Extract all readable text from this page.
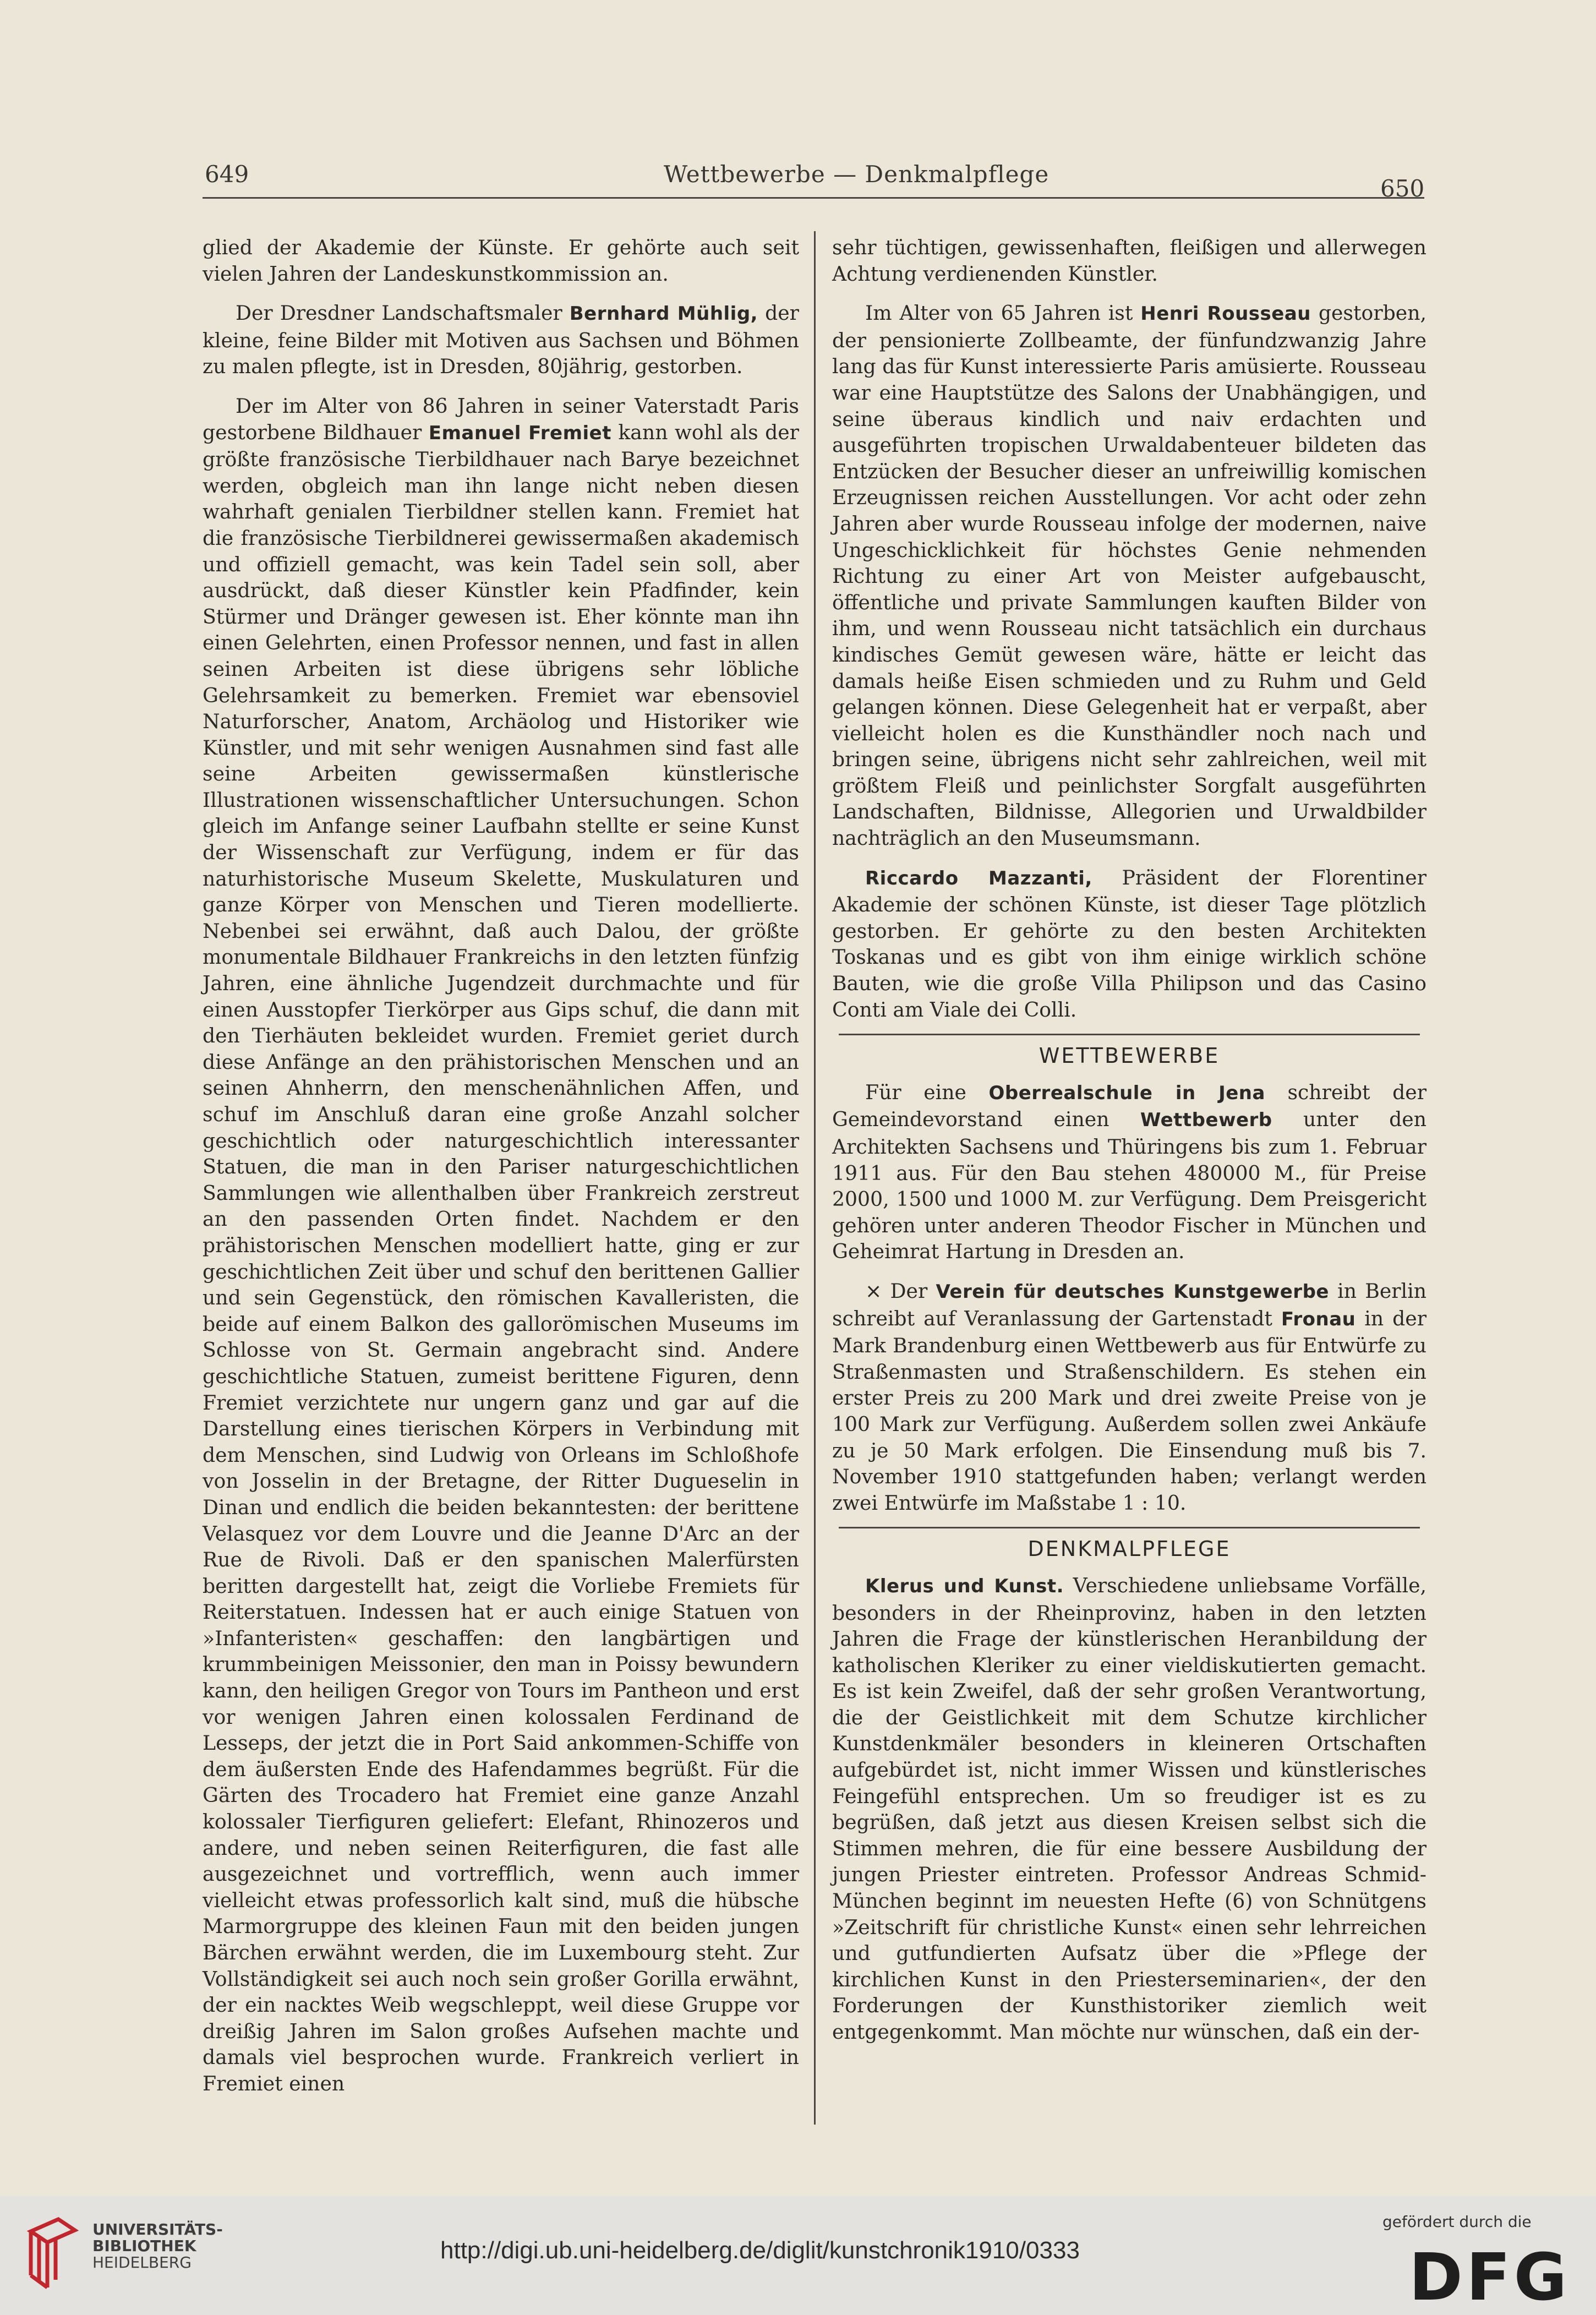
649	Wettbewerbe — Denkmalpflege
650

glied der Akademie der Künste. Er gehörte auch seit vielen Jahren der Landeskunstkommission an.

Der Dresdner Landschaftsmaler Bernhard Mühlig, der kleine, feine Bilder mit Motiven aus Sachsen und Böhmen zu malen pflegte, ist in Dresden, 80jährig, gestorben.

Der im Alter von 86 Jahren in seiner Vaterstadt Paris gestorbene Bildhauer Emanuel Fremiet kann wohl als der größte französische Tierbildhauer nach Barye bezeichnet werden, obgleich man ihn lange nicht neben diesen wahrhaft genialen Tierbildner stellen kann. Fremiet hat die französische Tierbildnerei gewissermaßen akademisch und offiziell gemacht, was kein Tadel sein soll, aber ausdrückt, daß dieser Künstler kein Pfadfinder, kein Stürmer und Dränger gewesen ist. Eher könnte man ihn einen Gelehrten, einen Professor nennen, und fast in allen seinen Arbeiten ist diese übrigens sehr löbliche Gelehrsamkeit zu bemerken. Fremiet war ebensoviel Naturforscher, Anatom, Archäolog und Historiker wie Künstler, und mit sehr wenigen Ausnahmen sind fast alle seine Arbeiten gewissermaßen künstlerische Illustrationen wissenschaftlicher Untersuchungen. Schon gleich im Anfange seiner Laufbahn stellte er seine Kunst der Wissenschaft zur Verfügung, indem er für das naturhistorische Museum Skelette, Muskulaturen und ganze Körper von Menschen und Tieren modellierte. Nebenbei sei erwähnt, daß auch Dalou, der größte monumentale Bildhauer Frankreichs in den letzten fünfzig Jahren, eine ähnliche Jugendzeit durchmachte und für einen Ausstopfer Tierkörper aus Gips schuf, die dann mit den Tierhäuten bekleidet wurden. Fremiet geriet durch diese Anfänge an den prähistorischen Menschen und an seinen Ahnherrn, den menschenähnlichen Affen, und schuf im Anschluß daran eine große Anzahl solcher geschichtlich oder naturgeschichtlich interessanter Statuen, die man in den Pariser naturgeschichtlichen Sammlungen wie allenthalben über Frankreich zerstreut an den passenden Orten findet. Nachdem er den prähistorischen Menschen modelliert hatte, ging er zur geschichtlichen Zeit über und schuf den berittenen Gallier und sein Gegenstück, den römischen Kavalleristen, die beide auf einem Balkon des gallorömischen Museums im Schlosse von St. Germain angebracht sind. Andere geschichtliche Statuen, zumeist berittene Figuren, denn Fremiet verzichtete nur ungern ganz und gar auf die Darstellung eines tierischen Körpers in Verbindung mit dem Menschen, sind Ludwig von Orleans im Schloßhofe von Josselin in der Bretagne, der Ritter Dugueselin in Dinan und endlich die beiden bekanntesten: der berittene Velasquez vor dem Louvre und die Jeanne D'Arc an der Rue de Rivoli. Daß er den spanischen Malerfürsten beritten dargestellt hat, zeigt die Vorliebe Fremiets für Reiterstatuen. Indessen hat er auch einige Statuen von »Infanteristen« geschaffen: den langbärtigen und krummbeinigen Meissonier, den man in Poissy bewundern kann, den heiligen Gregor von Tours im Pantheon und erst vor wenigen Jahren einen kolossalen Ferdinand de Lesseps, der jetzt die in Port Said ankommen-Schiffe von dem äußersten Ende des Hafendammes begrüßt. Für die Gärten des Trocadero hat Fremiet eine ganze Anzahl kolossaler Tierfiguren geliefert: Elefant, Rhinozeros und andere, und neben seinen Reiterfiguren, die fast alle ausgezeichnet und vortrefflich, wenn auch immer vielleicht etwas professorlich kalt sind, muß die hübsche Marmorgruppe des kleinen Faun mit den beiden jungen Bärchen erwähnt werden, die im Luxembourg steht. Zur Vollständigkeit sei auch noch sein großer Gorilla erwähnt, der ein nacktes Weib wegschleppt, weil diese Gruppe vor dreißig Jahren im Salon großes Aufsehen machte und damals viel besprochen wurde. Frankreich verliert in Fremiet einen

sehr tüchtigen, gewissenhaften, fleißigen und allerwegen Achtung verdienenden Künstler.

Im Alter von 65 Jahren ist Henri Rousseau gestorben, der pensionierte Zollbeamte, der fünfundzwanzig Jahre lang das für Kunst interessierte Paris amüsierte. Rousseau war eine Hauptstütze des Salons der Unabhängigen, und seine überaus kindlich und naiv erdachten und ausgeführten tropischen Urwaldabenteuer bildeten das Entzücken der Besucher dieser an unfreiwillig komischen Erzeugnissen reichen Ausstellungen. Vor acht oder zehn Jahren aber wurde Rousseau infolge der modernen, naive Ungeschicklichkeit für höchstes Genie nehmenden Richtung zu einer Art von Meister aufgebauscht, öffentliche und private Sammlungen kauften Bilder von ihm, und wenn Rousseau nicht tatsächlich ein durchaus kindisches Gemüt gewesen wäre, hätte er leicht das damals heiße Eisen schmieden und zu Ruhm und Geld gelangen können. Diese Gelegenheit hat er verpaßt, aber vielleicht holen es die Kunsthändler noch nach und bringen seine, übrigens nicht sehr zahlreichen, weil mit größtem Fleiß und peinlichster Sorgfalt ausgeführten Landschaften, Bildnisse, Allegorien und Urwaldbilder nachträglich an den Museumsmann.

Riccardo Mazzanti, Präsident der Florentiner Akademie der schönen Künste, ist dieser Tage plötzlich gestorben. Er gehörte zu den besten Architekten Toskanas und es gibt von ihm einige wirklich schöne Bauten, wie die große Villa Philipson und das Casino Conti am Viale dei Colli.

WETTBEWERBE

Für eine Oberrealschule in Jena schreibt der Gemeindevorstand einen Wettbewerb unter den Architekten Sachsens und Thüringens bis zum 1. Februar 1911 aus. Für den Bau stehen 480000 M., für Preise 2000, 1500 und 1000 M. zur Verfügung. Dem Preisgericht gehören unter anderen Theodor Fischer in München und Geheimrat Hartung in Dresden an.

× Der Verein für deutsches Kunstgewerbe in Berlin schreibt auf Veranlassung der Gartenstadt Fronau in der Mark Brandenburg einen Wettbewerb aus für Entwürfe zu Straßenmasten und Straßenschildern. Es stehen ein erster Preis zu 200 Mark und drei zweite Preise von je 100 Mark zur Verfügung. Außerdem sollen zwei Ankäufe zu je 50 Mark erfolgen. Die Einsendung muß bis 7. November 1910 stattgefunden haben; verlangt werden zwei Entwürfe im Maßstabe 1 : 10.

DENKMALPFLEGE

Klerus und Kunst. Verschiedene unliebsame Vorfälle, besonders in der Rheinprovinz, haben in den letzten Jahren die Frage der künstlerischen Heranbildung der katholischen Kleriker zu einer vieldiskutierten gemacht. Es ist kein Zweifel, daß der sehr großen Verantwortung, die der Geistlichkeit mit dem Schutze kirchlicher Kunstdenkmäler besonders in kleineren Ortschaften aufgebürdet ist, nicht immer Wissen und künstlerisches Feingefühl entsprechen. Um so freudiger ist es zu begrüßen, daß jetzt aus diesen Kreisen selbst sich die Stimmen mehren, die für eine bessere Ausbildung der jungen Priester eintreten. Professor Andreas Schmid-München beginnt im neuesten Hefte (6) von Schnütgens »Zeitschrift für christliche Kunst« einen sehr lehrreichen und gutfundierten Aufsatz über die »Pflege der kirchlichen Kunst in den Priesterseminarien«, der den Forderungen der Kunsthistoriker ziemlich weit entgegenkommt. Man möchte nur wünschen, daß ein der-

UNIVERSITÄTS-
BIBLIOTHEK
HEIDELBERG	http://digi.ub.uni-heidelberg.de/diglit/kunstchronik1910/0333
gefördert durch die
DFG
